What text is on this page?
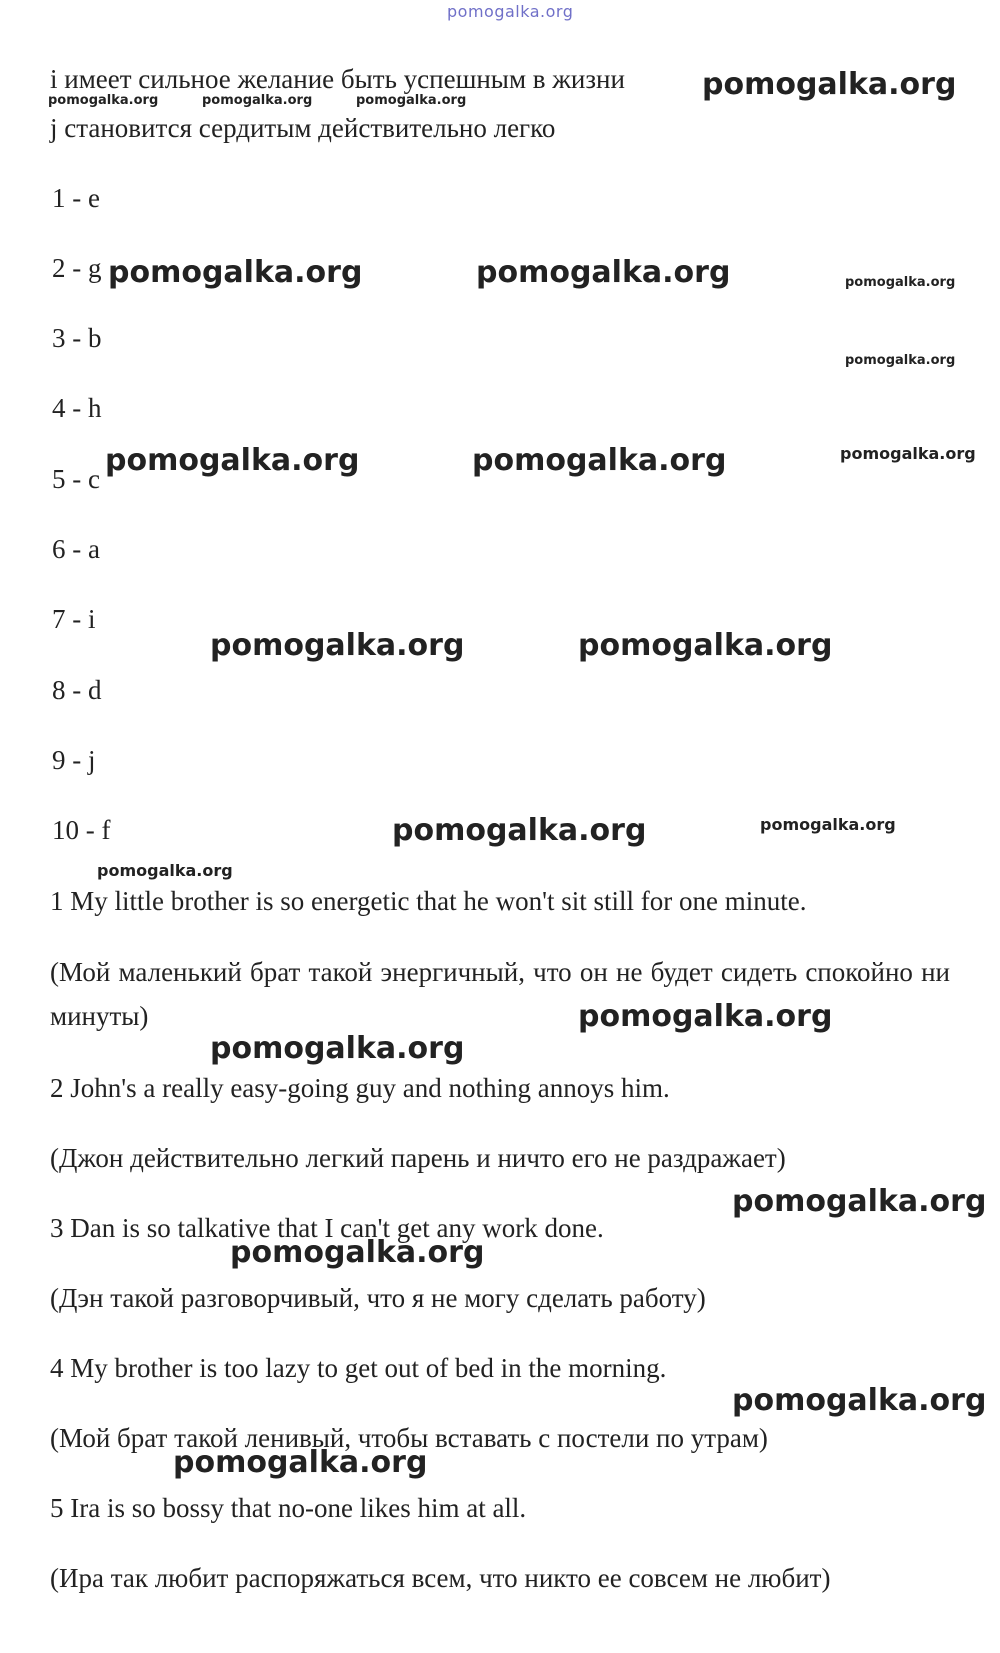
pomogalka.org
i имеет сильное желание быть успешным в жизни	pomogalka.org
pomogalka.org	pomogalka.org	pomogalka.org
j становится сердитым действительно легко
1 - e
2 - g
3 - b
4 - h
5 - c
6 - a
7 - i
8 - d
9 - j
10 - f
pomogalka.org	pomogalka.org	pomogalka.org
pomogalka.org
pomogalka.org	pomogalka.org	pomogalka.org
pomogalka.org	pomogalka.org
pomogalka.org	pomogalka.org
pomogalka.org
1 My little brother is so energetic that he won't sit still for one minute.
(Мой маленький брат такой энергичный, что он не будет сидеть спокойно ни минуты)	pomogalka.org
pomogalka.org
2 John's a really easy-going guy and nothing annoys him.
(Джон действительно легкий парень и ничто его не раздражает)
pomogalka.org
3 Dan is so talkative that I can't get any work done.
pomogalka.org
(Дэн такой разговорчивый, что я не могу сделать работу)
4 My brother is too lazy to get out of bed in the morning.
pomogalka.org
(Мой брат такой ленивый, чтобы вставать с постели по утрам)
pomogalka.org
5 Ira is so bossy that no-one likes him at all.
(Ира так любит распоряжаться всем, что никто ее совсем не любит)
